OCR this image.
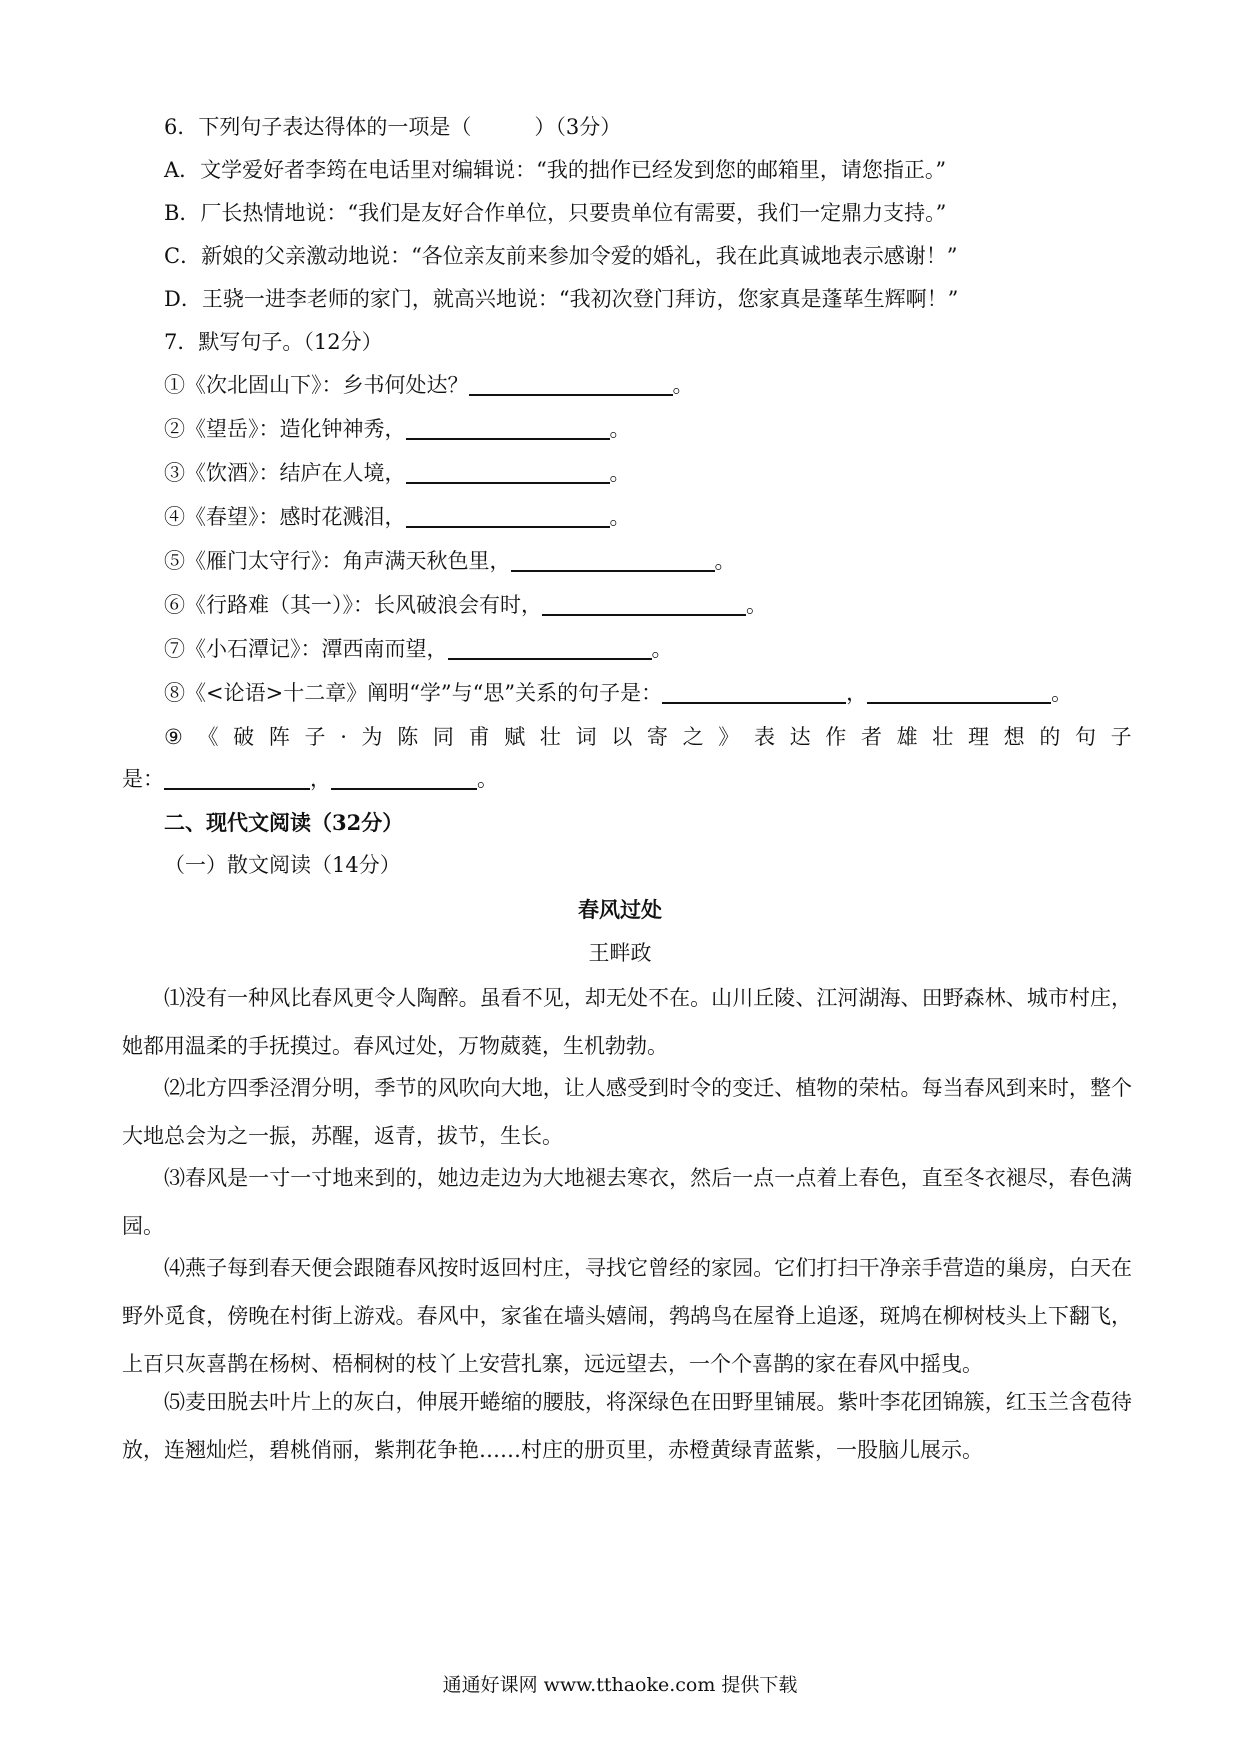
6．下列句子表达得体的一项是（　　　）（3分）
A．文学爱好者李筠在电话里对编辑说：“我的拙作已经发到您的邮箱里，请您指正。”
B．厂长热情地说：“我们是友好合作单位，只要贵单位有需要，我们一定鼎力支持。”
C．新娘的父亲激动地说：“各位亲友前来参加令爱的婚礼，我在此真诚地表示感谢！”
D．王骁一进李老师的家门，就高兴地说：“我初次登门拜访，您家真是蓬荜生辉啊！”
7．默写句子。（12分）
①《次北固山下》：乡书何处达？	。
②《望岳》：造化钟神秀，	。
③《饮酒》：结庐在人境，	。
④《春望》：感时花溅泪，	。
⑤《雁门太守行》：角声满天秋色里，	。
⑥《行路难（其一）》：长风破浪会有时，	。
⑦《小石潭记》：潭西南而望，	。
⑧《<论语>十二章》阐明“学”与“思”关系的句子是：	，	。
⑨ 《 破 阵 子 · 为 陈 同 甫 赋 壮 词 以 寄 之 》 表 达 作 者 雄 壮 理 想 的 句 子
是：	，	。
二、现代文阅读（32分）
（一）散文阅读（14分）
春风过处
王畔政
⑴没有一种风比春风更令人陶醉。虽看不见，却无处不在。山川丘陵、江河湖海、田野森林、城市村庄，她都用温柔的手抚摸过。春风过处，万物葳蕤，生机勃勃。
⑵北方四季泾渭分明，季节的风吹向大地，让人感受到时令的变迁、植物的荣枯。每当春风到来时，整个大地总会为之一振，苏醒，返青，拔节，生长。
⑶春风是一寸一寸地来到的，她边走边为大地褪去寒衣，然后一点一点着上春色，直至冬衣褪尽，春色满园。
⑷燕子每到春天便会跟随春风按时返回村庄，寻找它曾经的家园。它们打扫干净亲手营造的巢房，白天在野外觅食，傍晚在村街上游戏。春风中，家雀在墙头嬉闹，鹁鸪鸟在屋脊上追逐，斑鸠在柳树枝头上下翻飞，上百只灰喜鹊在杨树、梧桐树的枝丫上安营扎寨，远远望去，一个个喜鹊的家在春风中摇曳。
⑸麦田脱去叶片上的灰白，伸展开蜷缩的腰肢，将深绿色在田野里铺展。紫叶李花团锦簇，红玉兰含苞待放，连翘灿烂，碧桃俏丽，紫荆花争艳……村庄的册页里，赤橙黄绿青蓝紫，一股脑儿展示。
通通好课网 www.tthaoke.com 提供下载
